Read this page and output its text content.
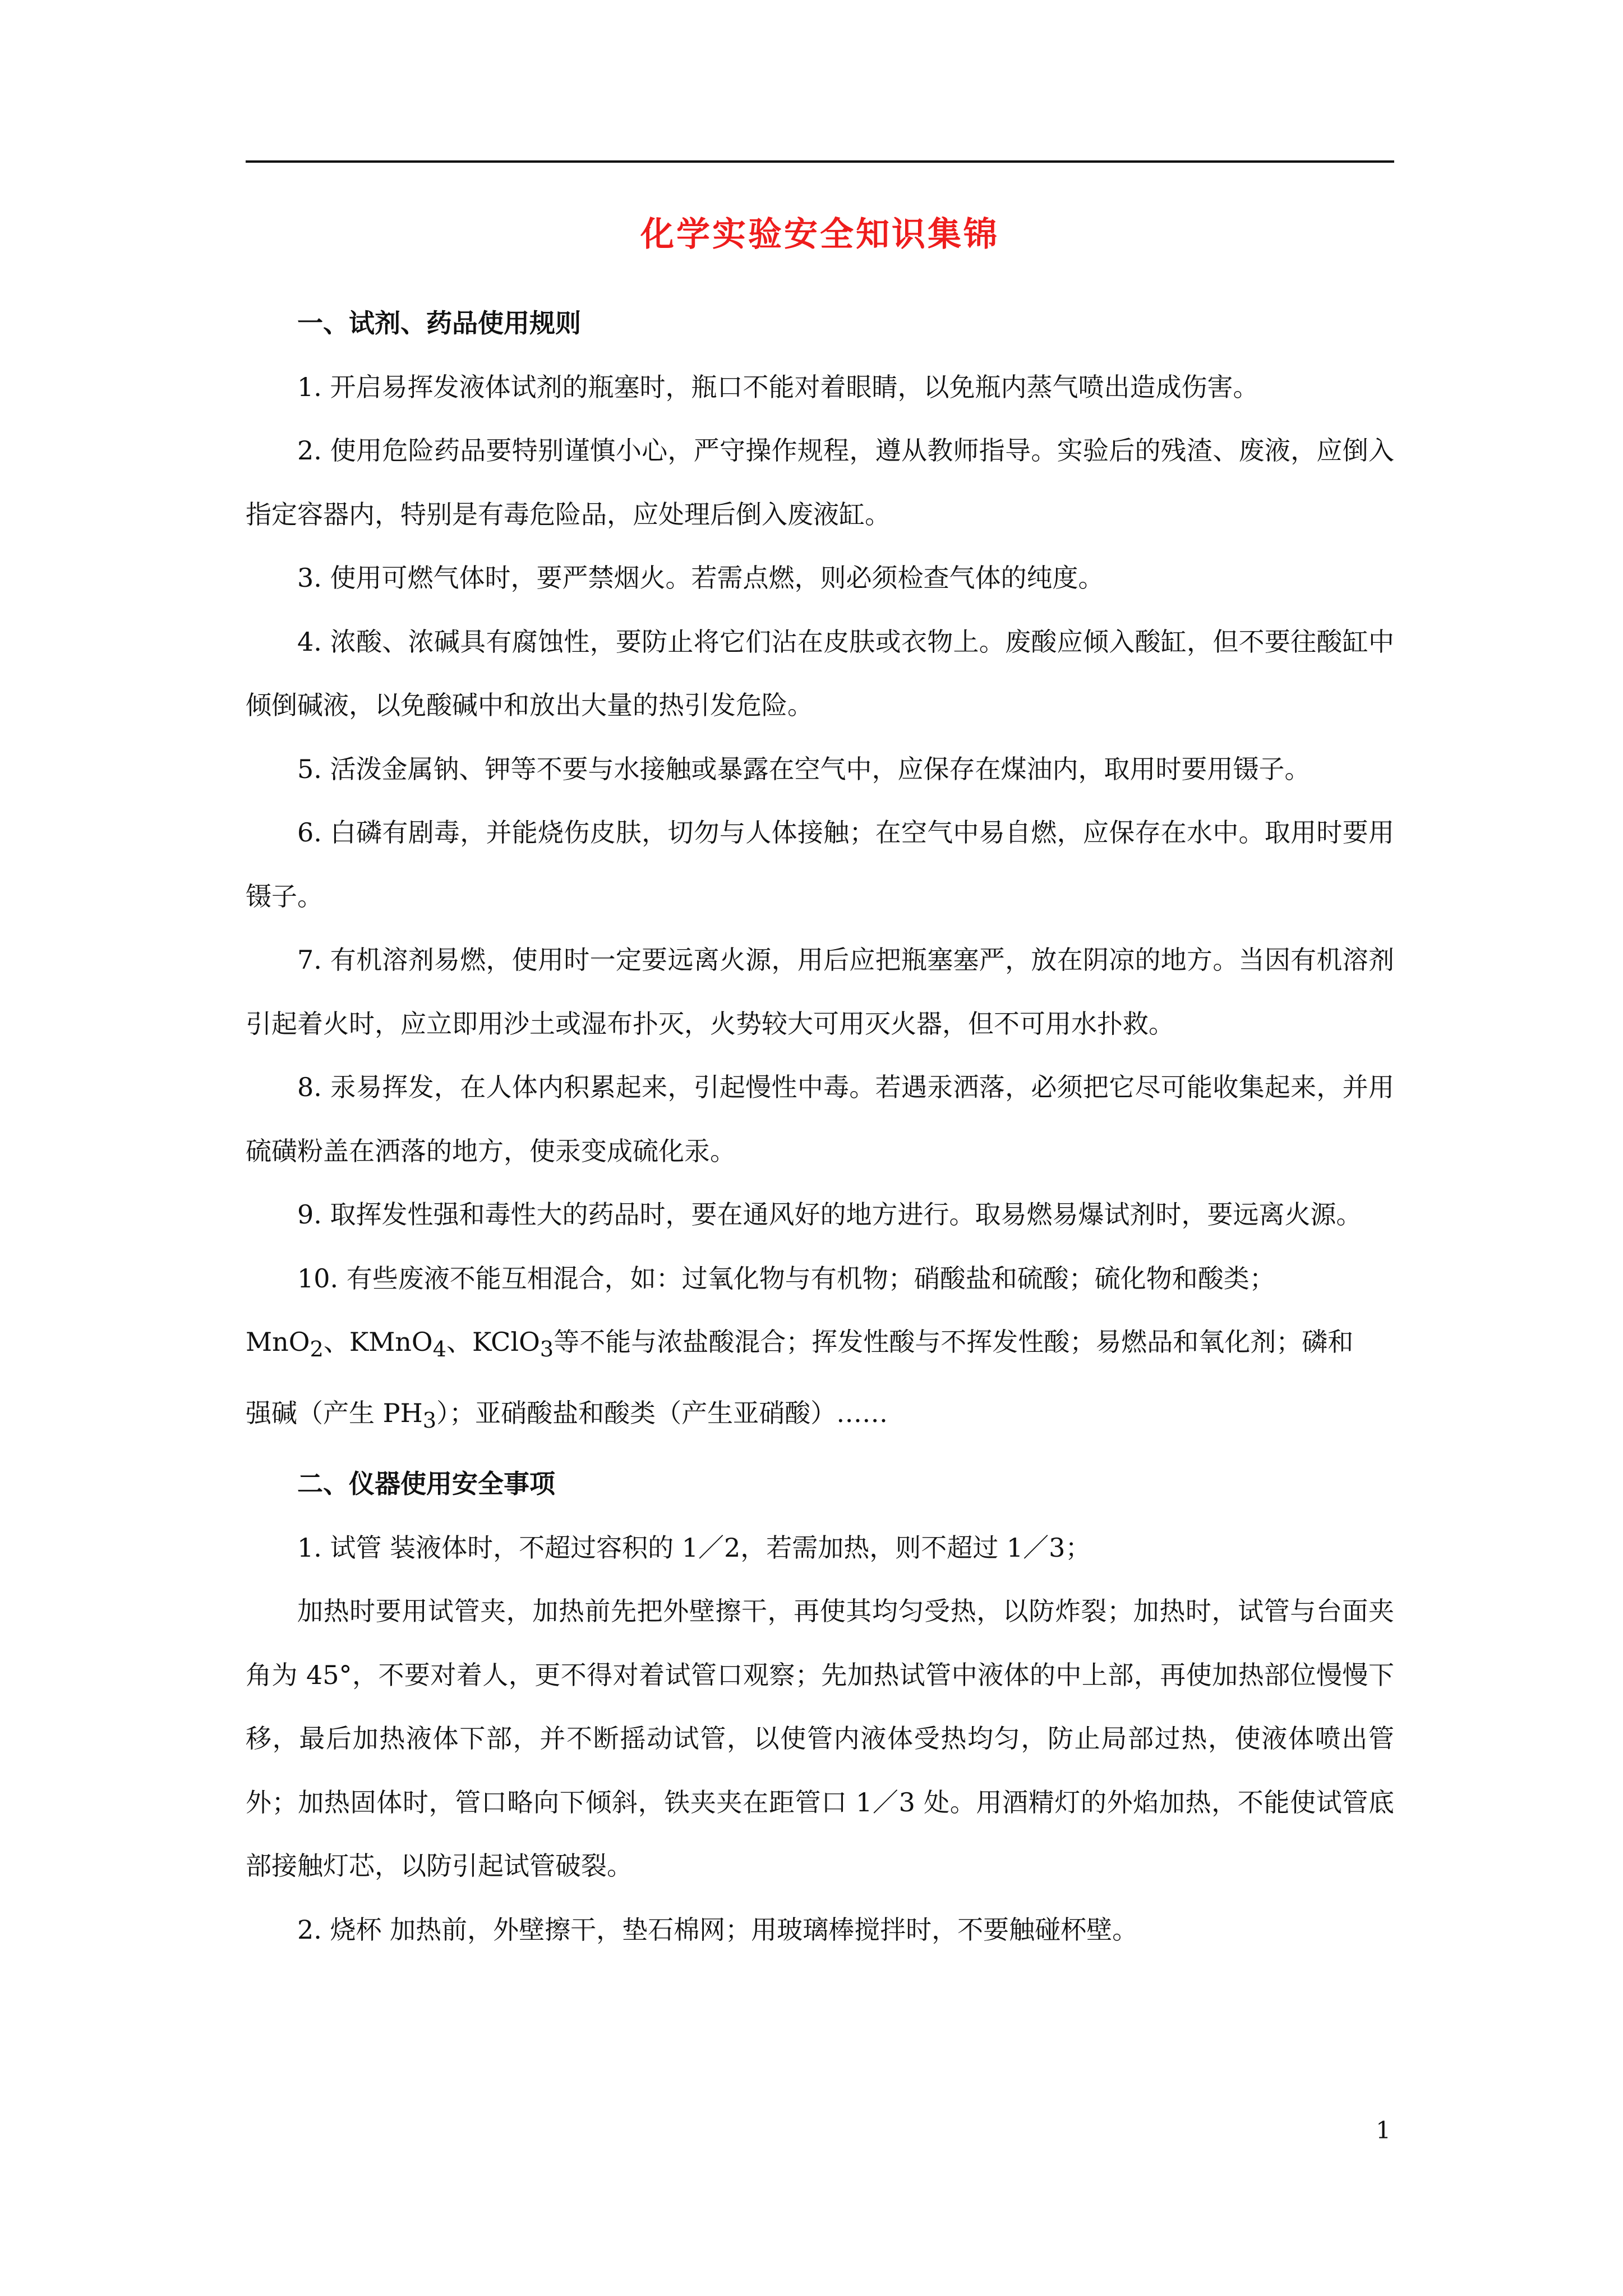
化学实验安全知识集锦

一、试剂、药品使用规则

1. 开启易挥发液体试剂的瓶塞时，瓶口不能对着眼睛，以免瓶内蒸气喷出造成伤害。

2. 使用危险药品要特别谨慎小心，严守操作规程，遵从教师指导。实验后的残渣、废液，应倒入指定容器内，特别是有毒危险品，应处理后倒入废液缸。

3. 使用可燃气体时，要严禁烟火。若需点燃，则必须检查气体的纯度。

4. 浓酸、浓碱具有腐蚀性，要防止将它们沾在皮肤或衣物上。废酸应倾入酸缸，但不要往酸缸中倾倒碱液，以免酸碱中和放出大量的热引发危险。

5. 活泼金属钠、钾等不要与水接触或暴露在空气中，应保存在煤油内，取用时要用镊子。

6. 白磷有剧毒，并能烧伤皮肤，切勿与人体接触；在空气中易自燃，应保存在水中。取用时要用镊子。

7. 有机溶剂易燃，使用时一定要远离火源，用后应把瓶塞塞严，放在阴凉的地方。当因有机溶剂引起着火时，应立即用沙土或湿布扑灭，火势较大可用灭火器，但不可用水扑救。

8. 汞易挥发，在人体内积累起来，引起慢性中毒。若遇汞洒落，必须把它尽可能收集起来，并用硫磺粉盖在洒落的地方，使汞变成硫化汞。

9. 取挥发性强和毒性大的药品时，要在通风好的地方进行。取易燃易爆试剂时，要远离火源。

10. 有些废液不能互相混合，如：过氧化物与有机物；硝酸盐和硫酸；硫化物和酸类；
MnO$_2$、KMnO$_4$、KClO$_3$等不能与浓盐酸混合；挥发性酸与不挥发性酸；易燃品和氧化剂；磷和
强碱（产生 $PH_3$）；亚硝酸盐和酸类（产生亚硝酸）……

二、仪器使用安全事项

1. 试管 装液体时，不超过容积的 1／2，若需加热，则不超过 1／3；

加热时要用试管夹，加热前先把外壁擦干，再使其均匀受热，以防炸裂；加热时，试管与台面夹角为 45°，不要对着人，更不得对着试管口观察；先加热试管中液体的中上部，再使加热部位慢慢下移，最后加热液体下部，并不断摇动试管，以使管内液体受热均匀，防止局部过热，使液体喷出管外；加热固体时，管口略向下倾斜，铁夹夹在距管口 1／3 处。用酒精灯的外焰加热，不能使试管底部接触灯芯，以防引起试管破裂。

2. 烧杯 加热前，外壁擦干，垫石棉网；用玻璃棒搅拌时，不要触碰杯壁。

1
